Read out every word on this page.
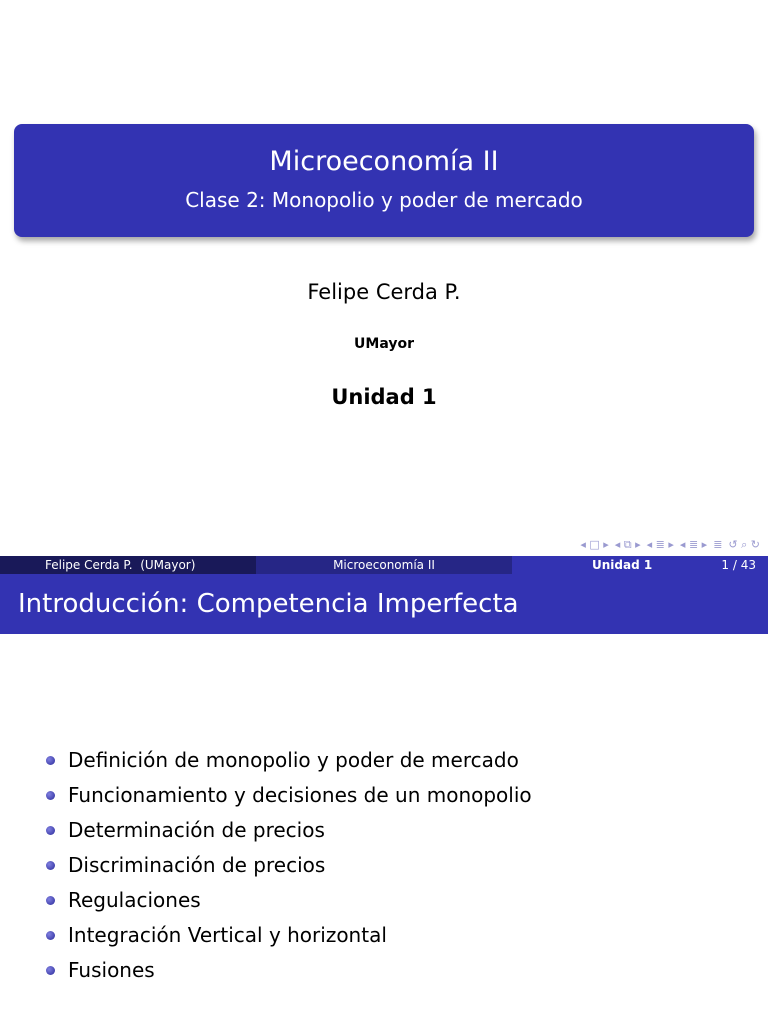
Microeconomía II
Clase 2: Monopolio y poder de mercado
Felipe Cerda P.
UMayor
Unidad 1
◂ □ ▸ ◂ ⧉ ▸ ◂ ≣ ▸ ◂ ≣ ▸ ≣ ↺ ⌕ ↻
Felipe Cerda P.  (UMayor)	Microeconomía II	Unidad 1	1 / 43
Introducción: Competencia Imperfecta
Definición de monopolio y poder de mercado
Funcionamiento y decisiones de un monopolio
Determinación de precios
Discriminación de precios
Regulaciones
Integración Vertical y horizontal
Fusiones
